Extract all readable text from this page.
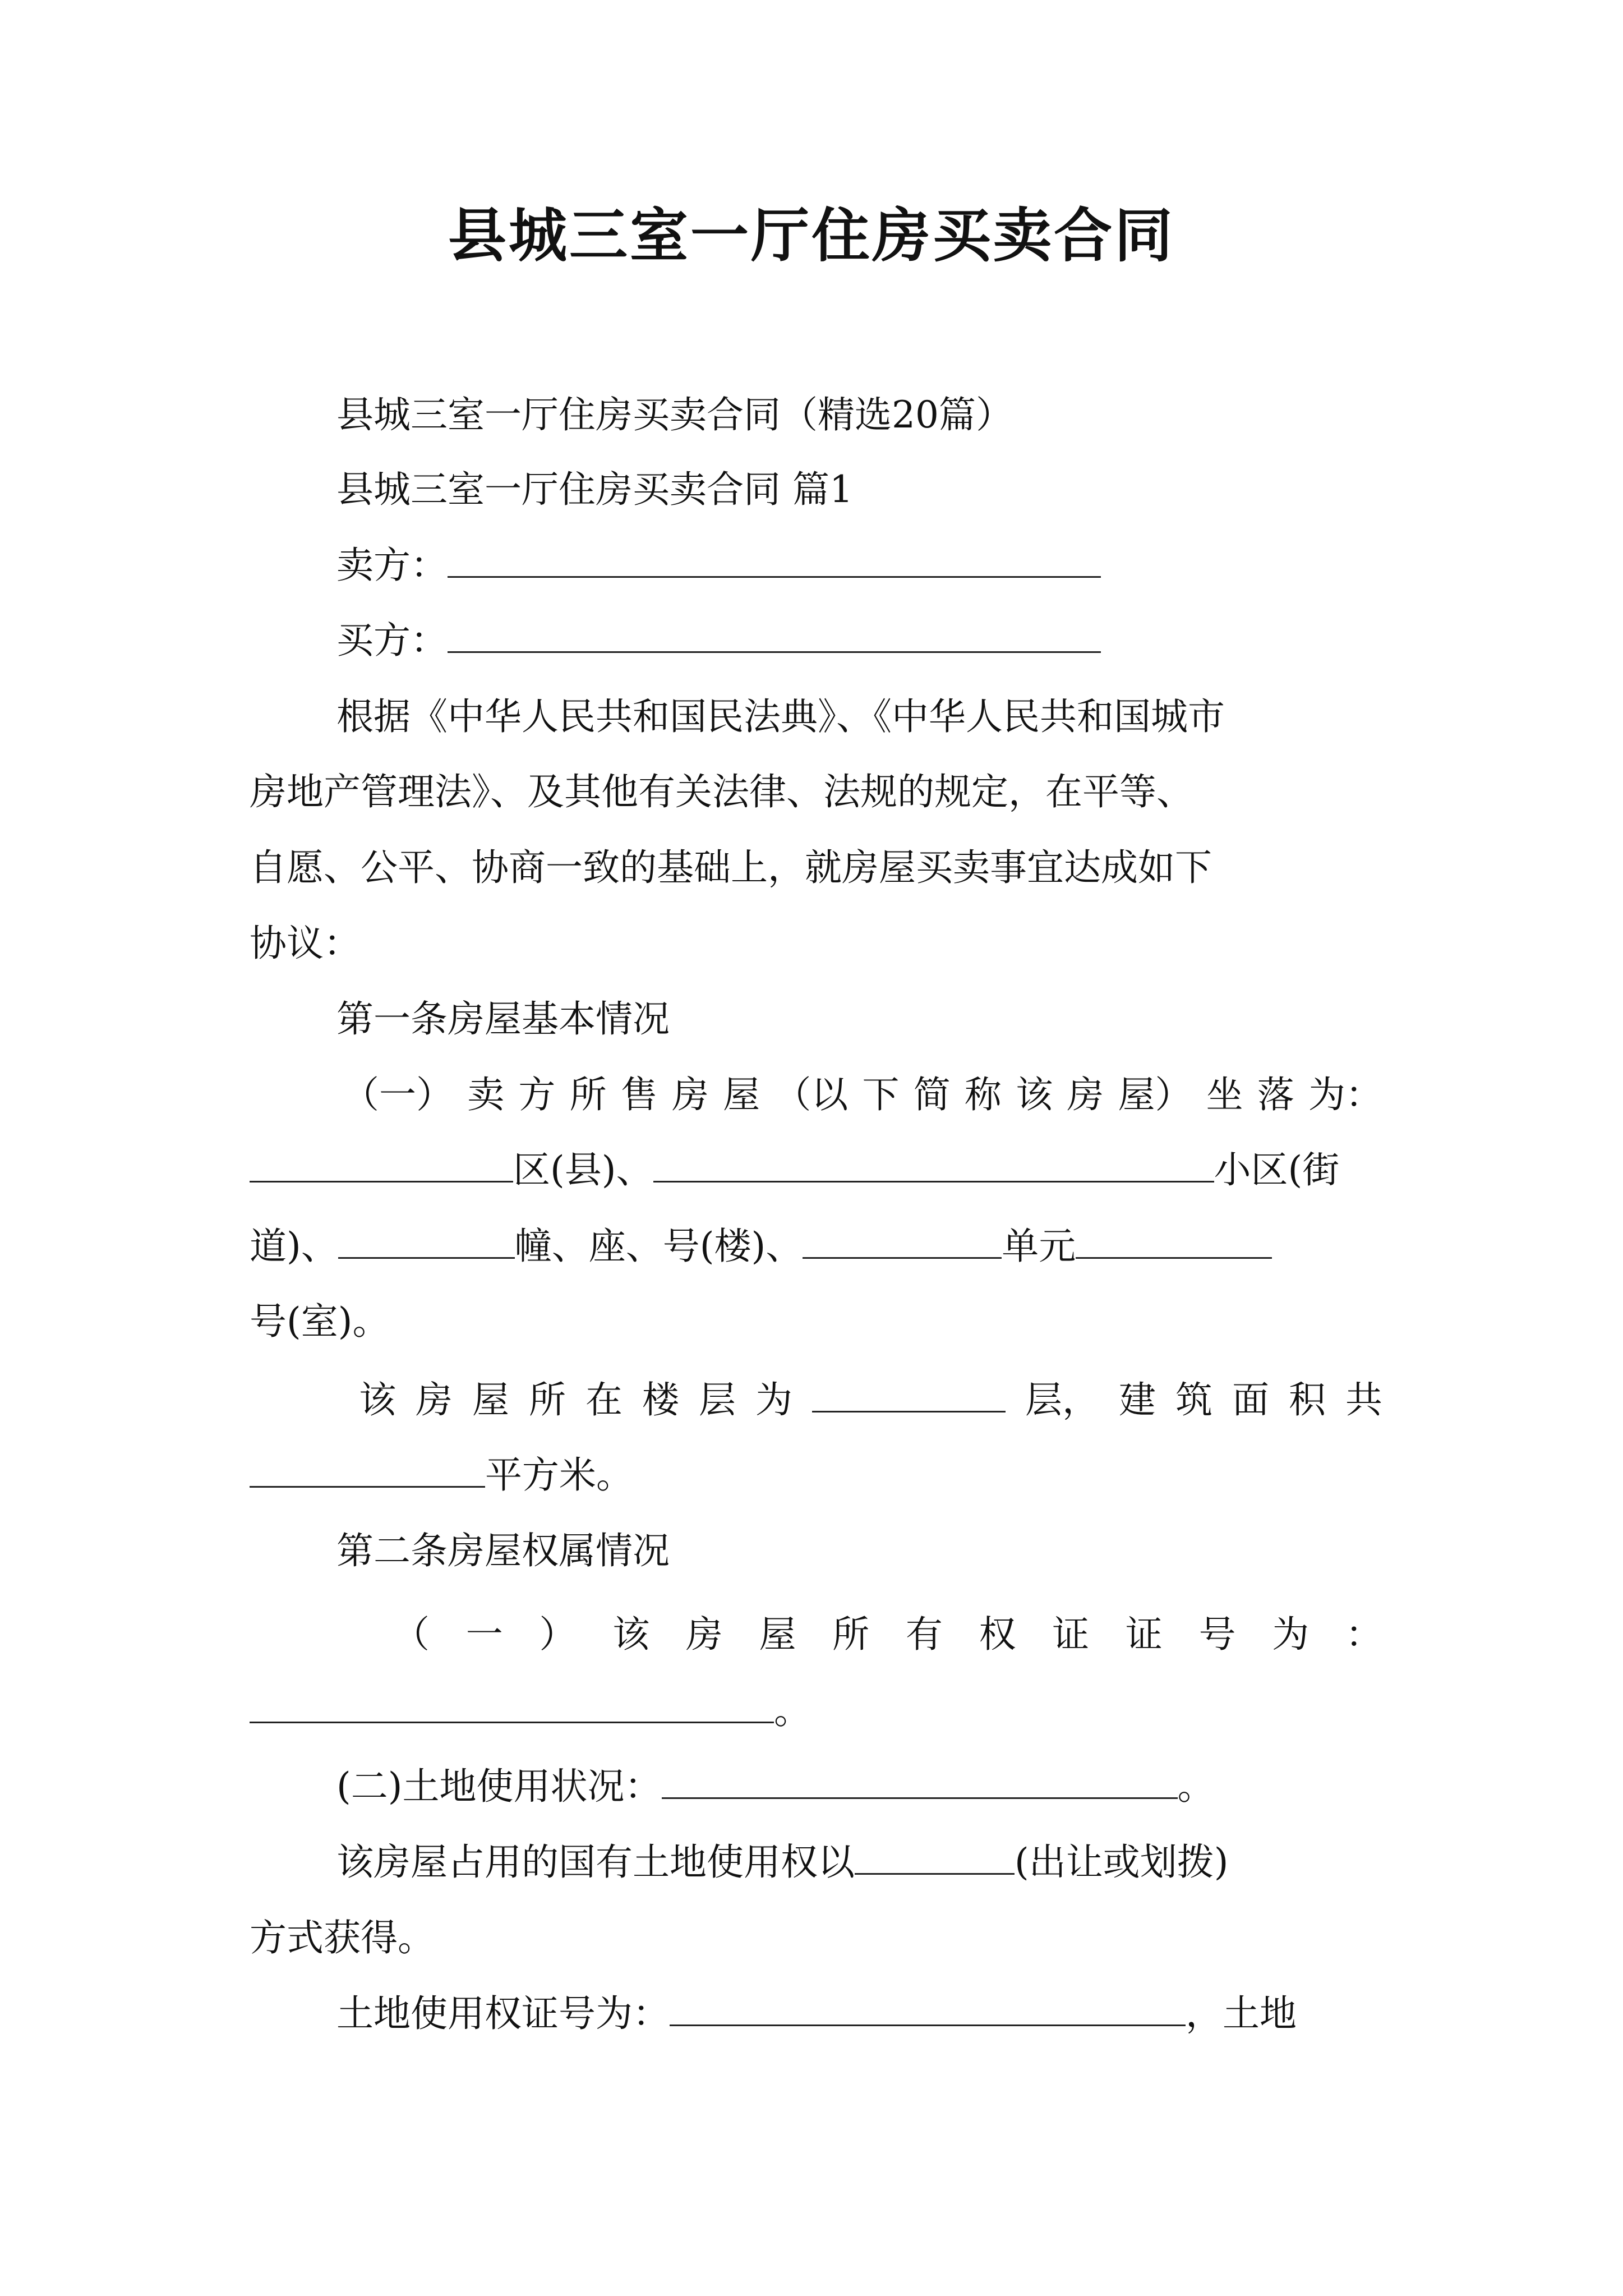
县城三室一厅住房买卖合同
县城三室一厅住房买卖合同（精选20篇）
县城三室一厅住房买卖合同 篇1
卖方：
买方：
根据《中华人民共和国民法典》、《中华人民共和国城市
房地产管理法》、及其他有关法律、法规的规定，在平等、
自愿、公平、协商一致的基础上，就房屋买卖事宜达成如下
协议：
第一条房屋基本情况
（一） 卖 方 所 售 房 屋 （以 下 简 称 该 房 屋） 坐 落 为：
区(县)、	小区(街
道)、	幢、座、号(楼)、	单元
号(室)。
该 房 屋 所 在 楼 层 为	层， 建 筑 面 积 共
平方米。
第二条房屋权属情况
（ 一 ） 该 房 屋 所 有 权 证 证 号 为 ：
。
(二)土地使用状况：	。
该房屋占用的国有土地使用权以	(出让或划拨)
方式获得。
土地使用权证号为：	，土地
